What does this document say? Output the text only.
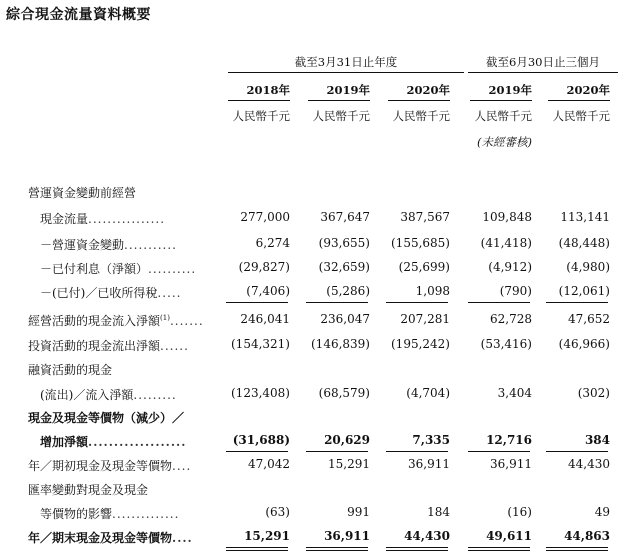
綜合現金流量資料概要
截至3月31日止年度	截至6月30日止三個月
2018年	2019年	2020年	2019年	2020年
人民幣千元	人民幣千元	人民幣千元	人民幣千元	人民幣千元
(未經審核)
營運資金變動前經營
現金流量................	277,000	367,647	387,567	109,848	113,141
－營運資金變動...........	6,274	(93,655)	(155,685)	(41,418)	(48,448)
－已付利息（淨額）..........	(29,827)	(32,659)	(25,699)	(4,912)	(4,980)
－(已付)／已收所得稅.....	(7,406)	(5,286)	1,098	(790)	(12,061)
經營活動的現金流入淨額$^{(1)}$.......	246,041	236,047	207,281	62,728	47,652
投資活動的現金流出淨額......	(154,321)	(146,839)	(195,242)	(53,416)	(46,966)
融資活動的現金
(流出)／流入淨額.........	(123,408)	(68,579)	(4,704)	3,404	(302)
現金及現金等價物（減少）／
增加淨額...................	(31,688)	20,629	7,335	12,716	384
年／期初現金及現金等價物....	47,042	15,291	36,911	36,911	44,430
匯率變動對現金及現金
等價物的影響..............	(63)	991	184	(16)	49
年／期末現金及現金等價物....	15,291	36,911	44,430	49,611	44,863
